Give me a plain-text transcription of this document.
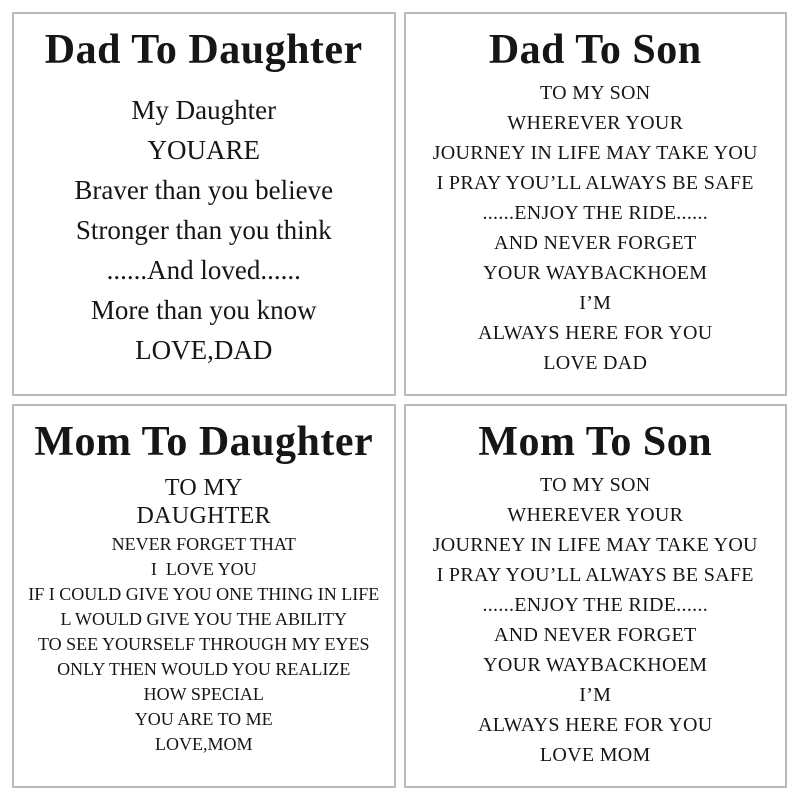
Dad To Daughter
My Daughter
YOUARE
Braver than you believe
Stronger than you think
......And loved......
More than you know
LOVE,DAD
Dad To Son
TO MY SON
WHEREVER YOUR
JOURNEY IN LIFE MAY TAKE YOU
I PRAY YOU’LL ALWAYS BE SAFE
......ENJOY THE RIDE......
AND NEVER FORGET
YOUR WAYBACKHOEM
I’M
ALWAYS HERE FOR YOU
LOVE DAD
Mom To Daughter
TO MY
DAUGHTER
NEVER FORGET THAT
I  LOVE YOU
IF I COULD GIVE YOU ONE THING IN LIFE
L WOULD GIVE YOU THE ABILITY
TO SEE YOURSELF THROUGH MY EYES
ONLY THEN WOULD YOU REALIZE
HOW SPECIAL
YOU ARE TO ME
LOVE,MOM
Mom To Son
TO MY SON
WHEREVER YOUR
JOURNEY IN LIFE MAY TAKE YOU
I PRAY YOU’LL ALWAYS BE SAFE
......ENJOY THE RIDE......
AND NEVER FORGET
YOUR WAYBACKHOEM
I’M
ALWAYS HERE FOR YOU
LOVE MOM
